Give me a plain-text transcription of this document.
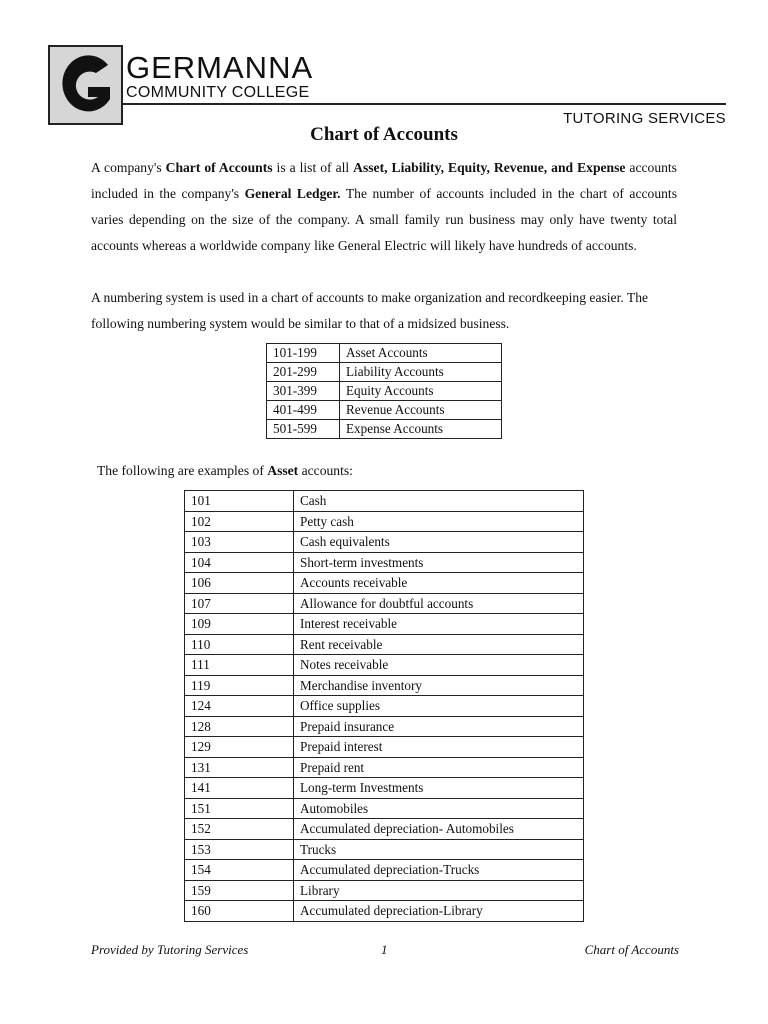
GERMANNA
COMMUNITY COLLEGE
TUTORING SERVICES
Chart of Accounts
A company's Chart of Accounts is a list of all Asset, Liability, Equity, Revenue, and Expense accounts included in the company's General Ledger. The number of accounts included in the chart of accounts varies depending on the size of the company. A small family run business may only have twenty total accounts whereas a worldwide company like General Electric will likely have hundreds of accounts.
A numbering system is used in a chart of accounts to make organization and recordkeeping easier. The following numbering system would be similar to that of a midsized business.
101-199	Asset Accounts
201-299	Liability Accounts
301-399	Equity Accounts
401-499	Revenue Accounts
501-599	Expense Accounts
The following are examples of Asset accounts:
101	Cash
102	Petty cash
103	Cash equivalents
104	Short-term investments
106	Accounts receivable
107	Allowance for doubtful accounts
109	Interest receivable
110	Rent receivable
111	Notes receivable
119	Merchandise inventory
124	Office supplies
128	Prepaid insurance
129	Prepaid interest
131	Prepaid rent
141	Long-term Investments
151	Automobiles
152	Accumulated depreciation- Automobiles
153	Trucks
154	Accumulated depreciation-Trucks
159	Library
160	Accumulated depreciation-Library
Provided by Tutoring Services	1	Chart of Accounts
